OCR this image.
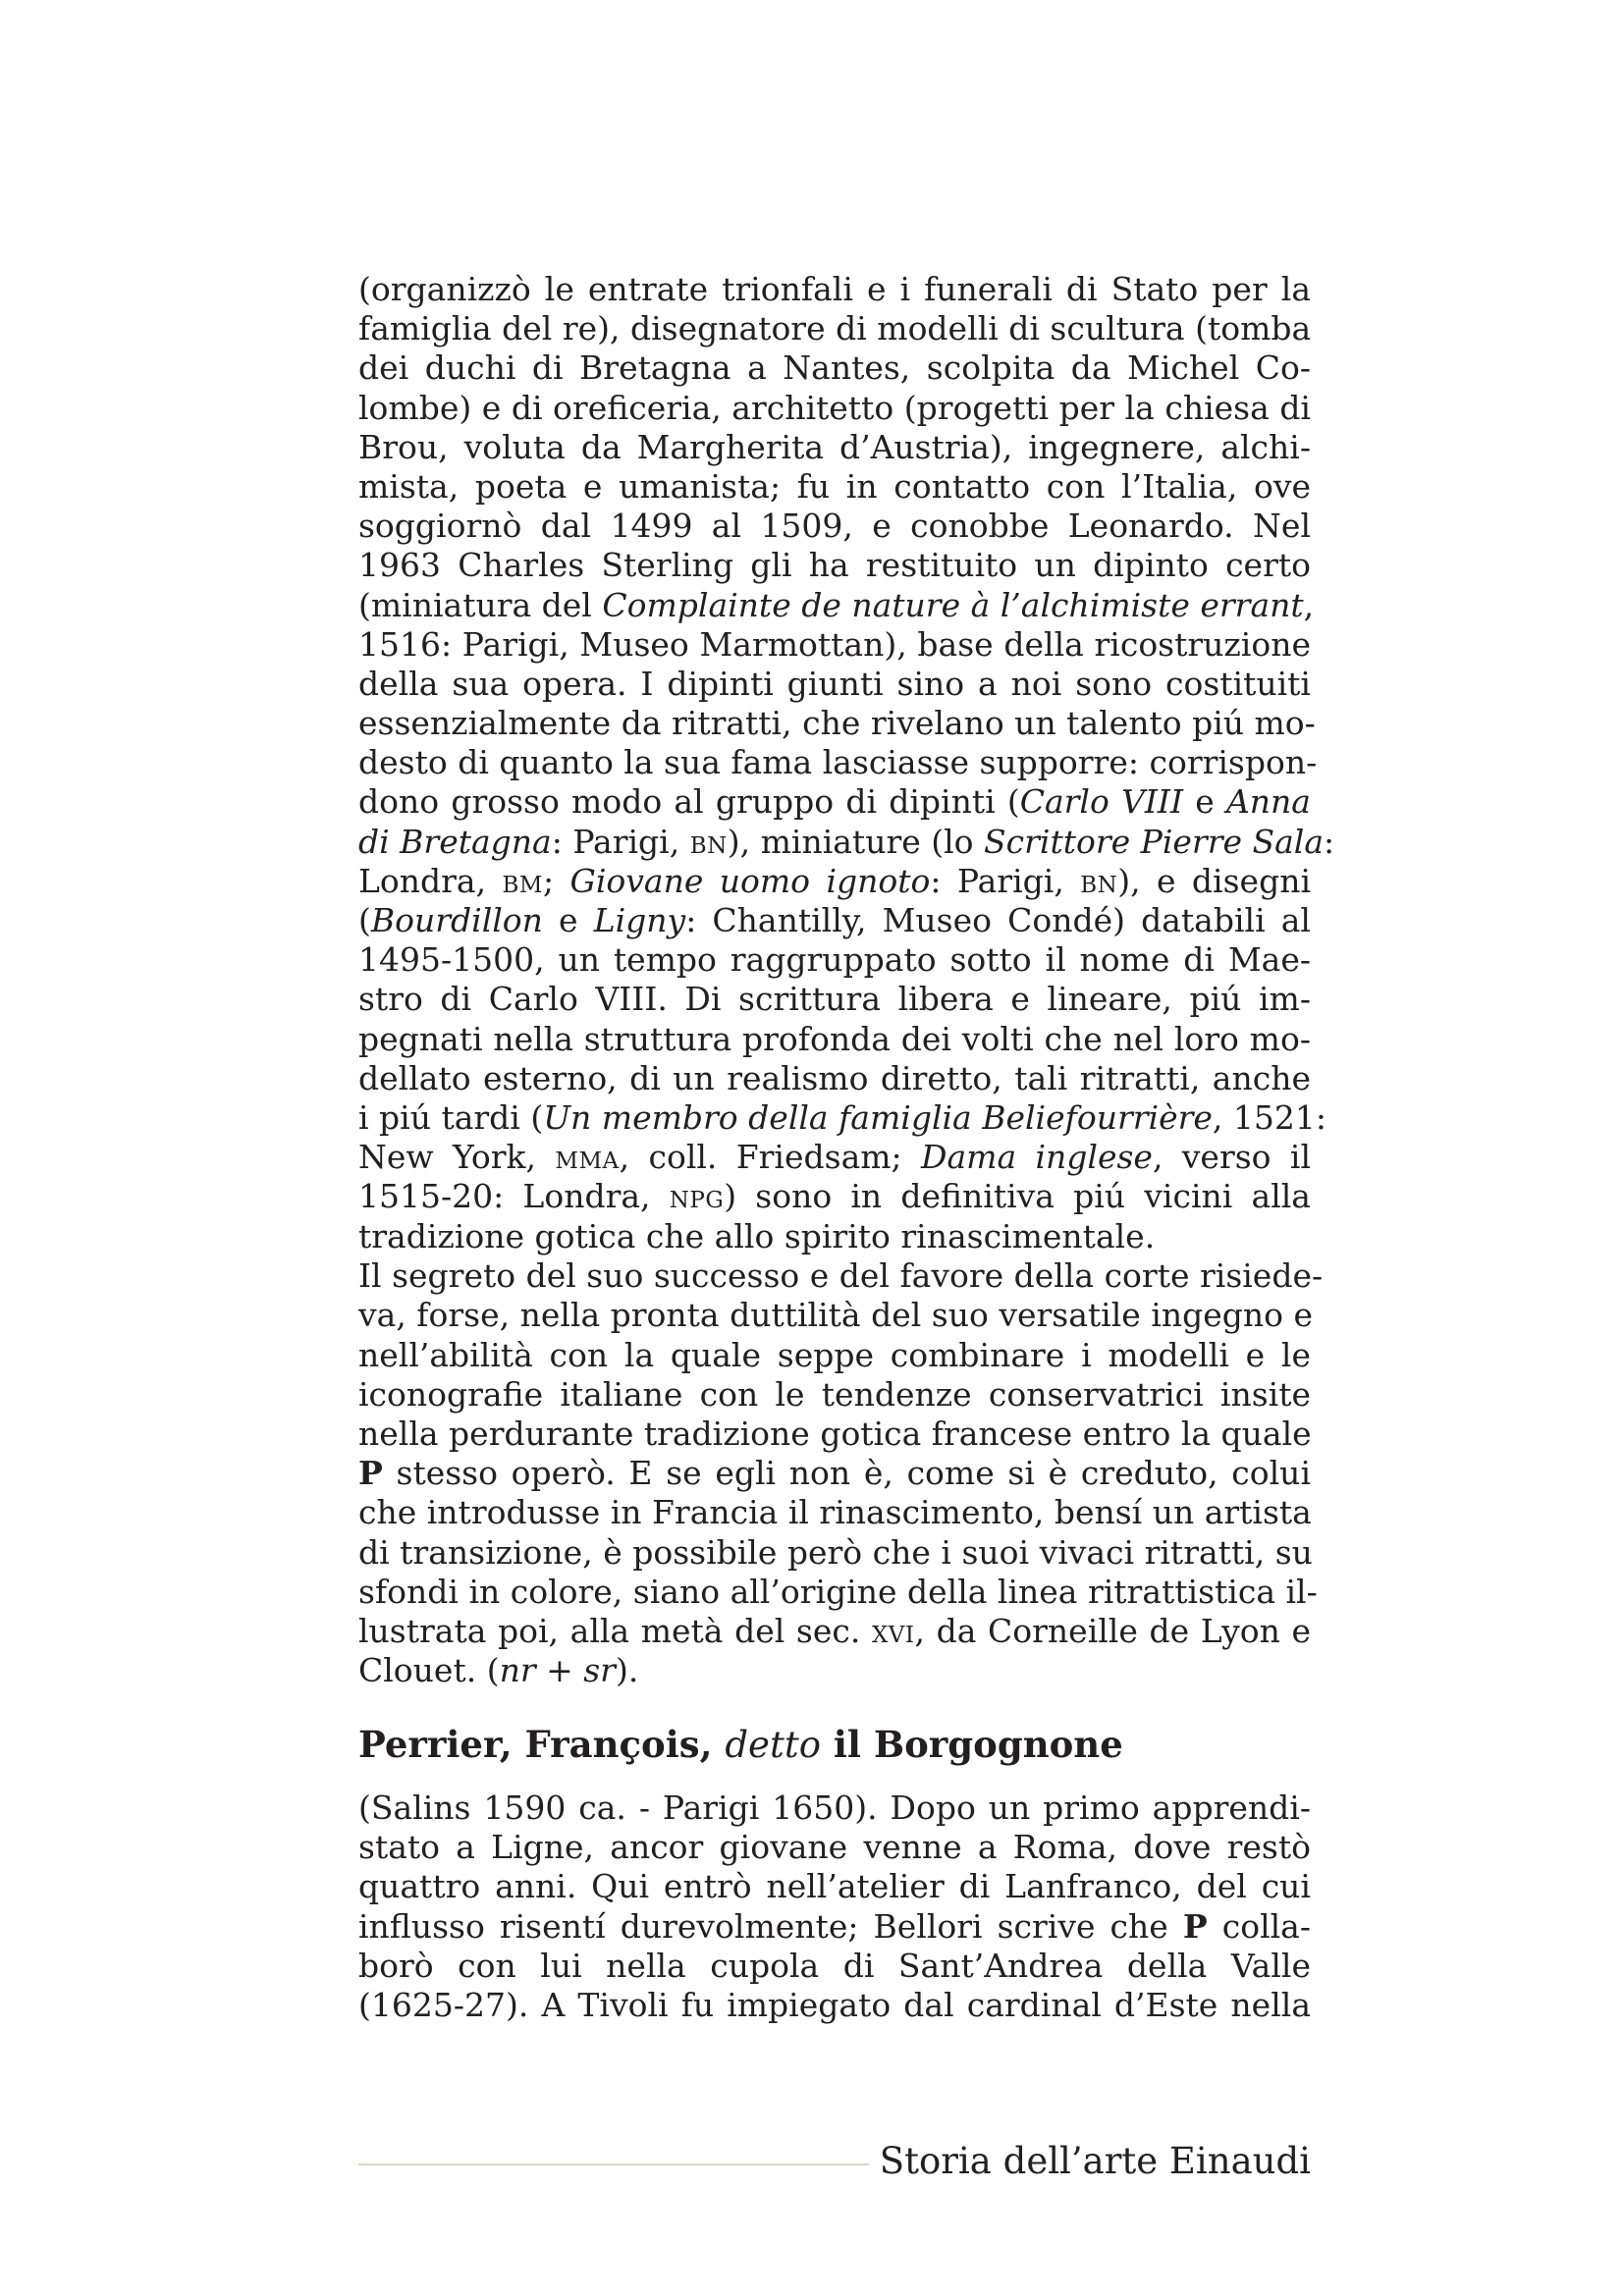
(organizzò le entrate trionfali e i funerali di Stato per la
famiglia del re), disegnatore di modelli di scultura (tomba
dei duchi di Bretagna a Nantes, scolpita da Michel Co-
lombe) e di oreficeria, architetto (progetti per la chiesa di
Brou, voluta da Margherita d’Austria), ingegnere, alchi-
mista, poeta e umanista; fu in contatto con l’Italia, ove
soggiornò dal 1499 al 1509, e conobbe Leonardo. Nel
1963 Charles Sterling gli ha restituito un dipinto certo
(miniatura del Complainte de nature à l’alchimiste errant,
1516: Parigi, Museo Marmottan), base della ricostruzione
della sua opera. I dipinti giunti sino a noi sono costituiti
essenzialmente da ritratti, che rivelano un talento piú mo-
desto di quanto la sua fama lasciasse supporre: corrispon-
dono grosso modo al gruppo di dipinti (Carlo VIII e Anna
di Bretagna: Parigi, bn), miniature (lo Scrittore Pierre Sala:
Londra, bm; Giovane uomo ignoto: Parigi, bn), e disegni
(Bourdillon e Ligny: Chantilly, Museo Condé) databili al
1495-1500, un tempo raggruppato sotto il nome di Mae-
stro di Carlo VIII. Di scrittura libera e lineare, piú im-
pegnati nella struttura profonda dei volti che nel loro mo-
dellato esterno, di un realismo diretto, tali ritratti, anche
i piú tardi (Un membro della famiglia Beliefourrière, 1521:
New York, mma, coll. Friedsam; Dama inglese, verso il
1515-20: Londra, npg) sono in definitiva piú vicini alla
tradizione gotica che allo spirito rinascimentale.
Il segreto del suo successo e del favore della corte risiede-
va, forse, nella pronta duttilità del suo versatile ingegno e
nell’abilità con la quale seppe combinare i modelli e le
iconografie italiane con le tendenze conservatrici insite
nella perdurante tradizione gotica francese entro la quale
P stesso operò. E se egli non è, come si è creduto, colui
che introdusse in Francia il rinascimento, bensí un artista
di transizione, è possibile però che i suoi vivaci ritratti, su
sfondi in colore, siano all’origine della linea ritrattistica il-
lustrata poi, alla metà del sec. xvi, da Corneille de Lyon e
Clouet. (nr + sr).
Perrier, François, detto il Borgognone
(Salins 1590 ca. - Parigi 1650). Dopo un primo apprendi-
stato a Ligne, ancor giovane venne a Roma, dove restò
quattro anni. Qui entrò nell’atelier di Lanfranco, del cui
influsso risentí durevolmente; Bellori scrive che P colla-
borò con lui nella cupola di Sant’Andrea della Valle
(1625-27). A Tivoli fu impiegato dal cardinal d’Este nella

Storia dell’arte Einaudi
